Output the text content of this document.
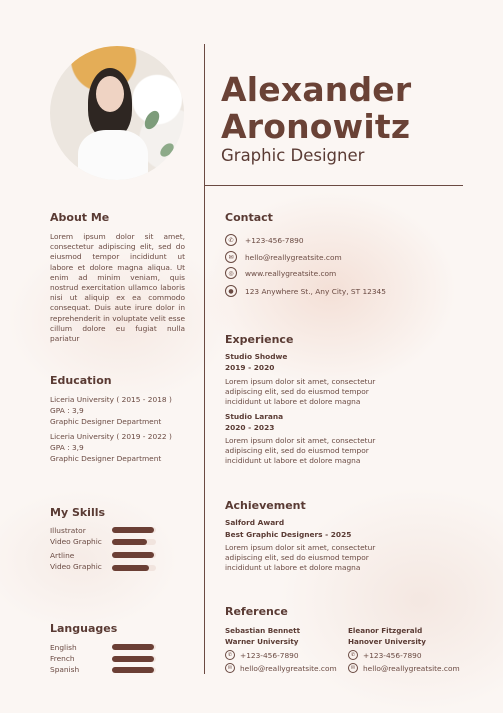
Alexander
Aronowitz
Graphic Designer
About Me
Lorem ipsum dolor sit amet, consectetur adipiscing elit, sed do eiusmod tempor incididunt ut labore et dolore magna aliqua. Ut enim ad minim veniam, quis nostrud exercitation ullamco laboris nisi ut aliquip ex ea commodo consequat. Duis aute irure dolor in reprehenderit in voluptate velit esse cillum dolore eu fugiat nulla pariatur
Education
Liceria University ( 2015 - 2018 )
GPA : 3,9
Graphic Designer Department
Liceria University ( 2019 - 2022 )
GPA : 3,9
Graphic Designer Department
My Skills
Illustrator
Video Graphic
Artline
Video Graphic
Languages
English
French
Spanish
Contact
✆	+123-456-7890
✉	hello@reallygreatsite.com
◎	www.reallygreatsite.com
●	123 Anywhere St., Any City, ST 12345
Experience
Studio Shodwe
2019 - 2020
Lorem ipsum dolor sit amet, consectetur adipiscing elit, sed do eiusmod tempor incididunt ut labore et dolore magna
Studio Larana
2020 - 2023
Lorem ipsum dolor sit amet, consectetur adipiscing elit, sed do eiusmod tempor incididunt ut labore et dolore magna
Achievement
Salford Award
Best Graphic Designers - 2025
Lorem ipsum dolor sit amet, consectetur adipiscing elit, sed do eiusmod tempor incididunt ut labore et dolore magna
Reference
Sebastian Bennett
Warner University
✆	+123-456-7890
✉	hello@reallygreatsite.com
Eleanor Fitzgerald
Hanover University
✆	+123-456-7890
✉	hello@reallygreatsite.com
